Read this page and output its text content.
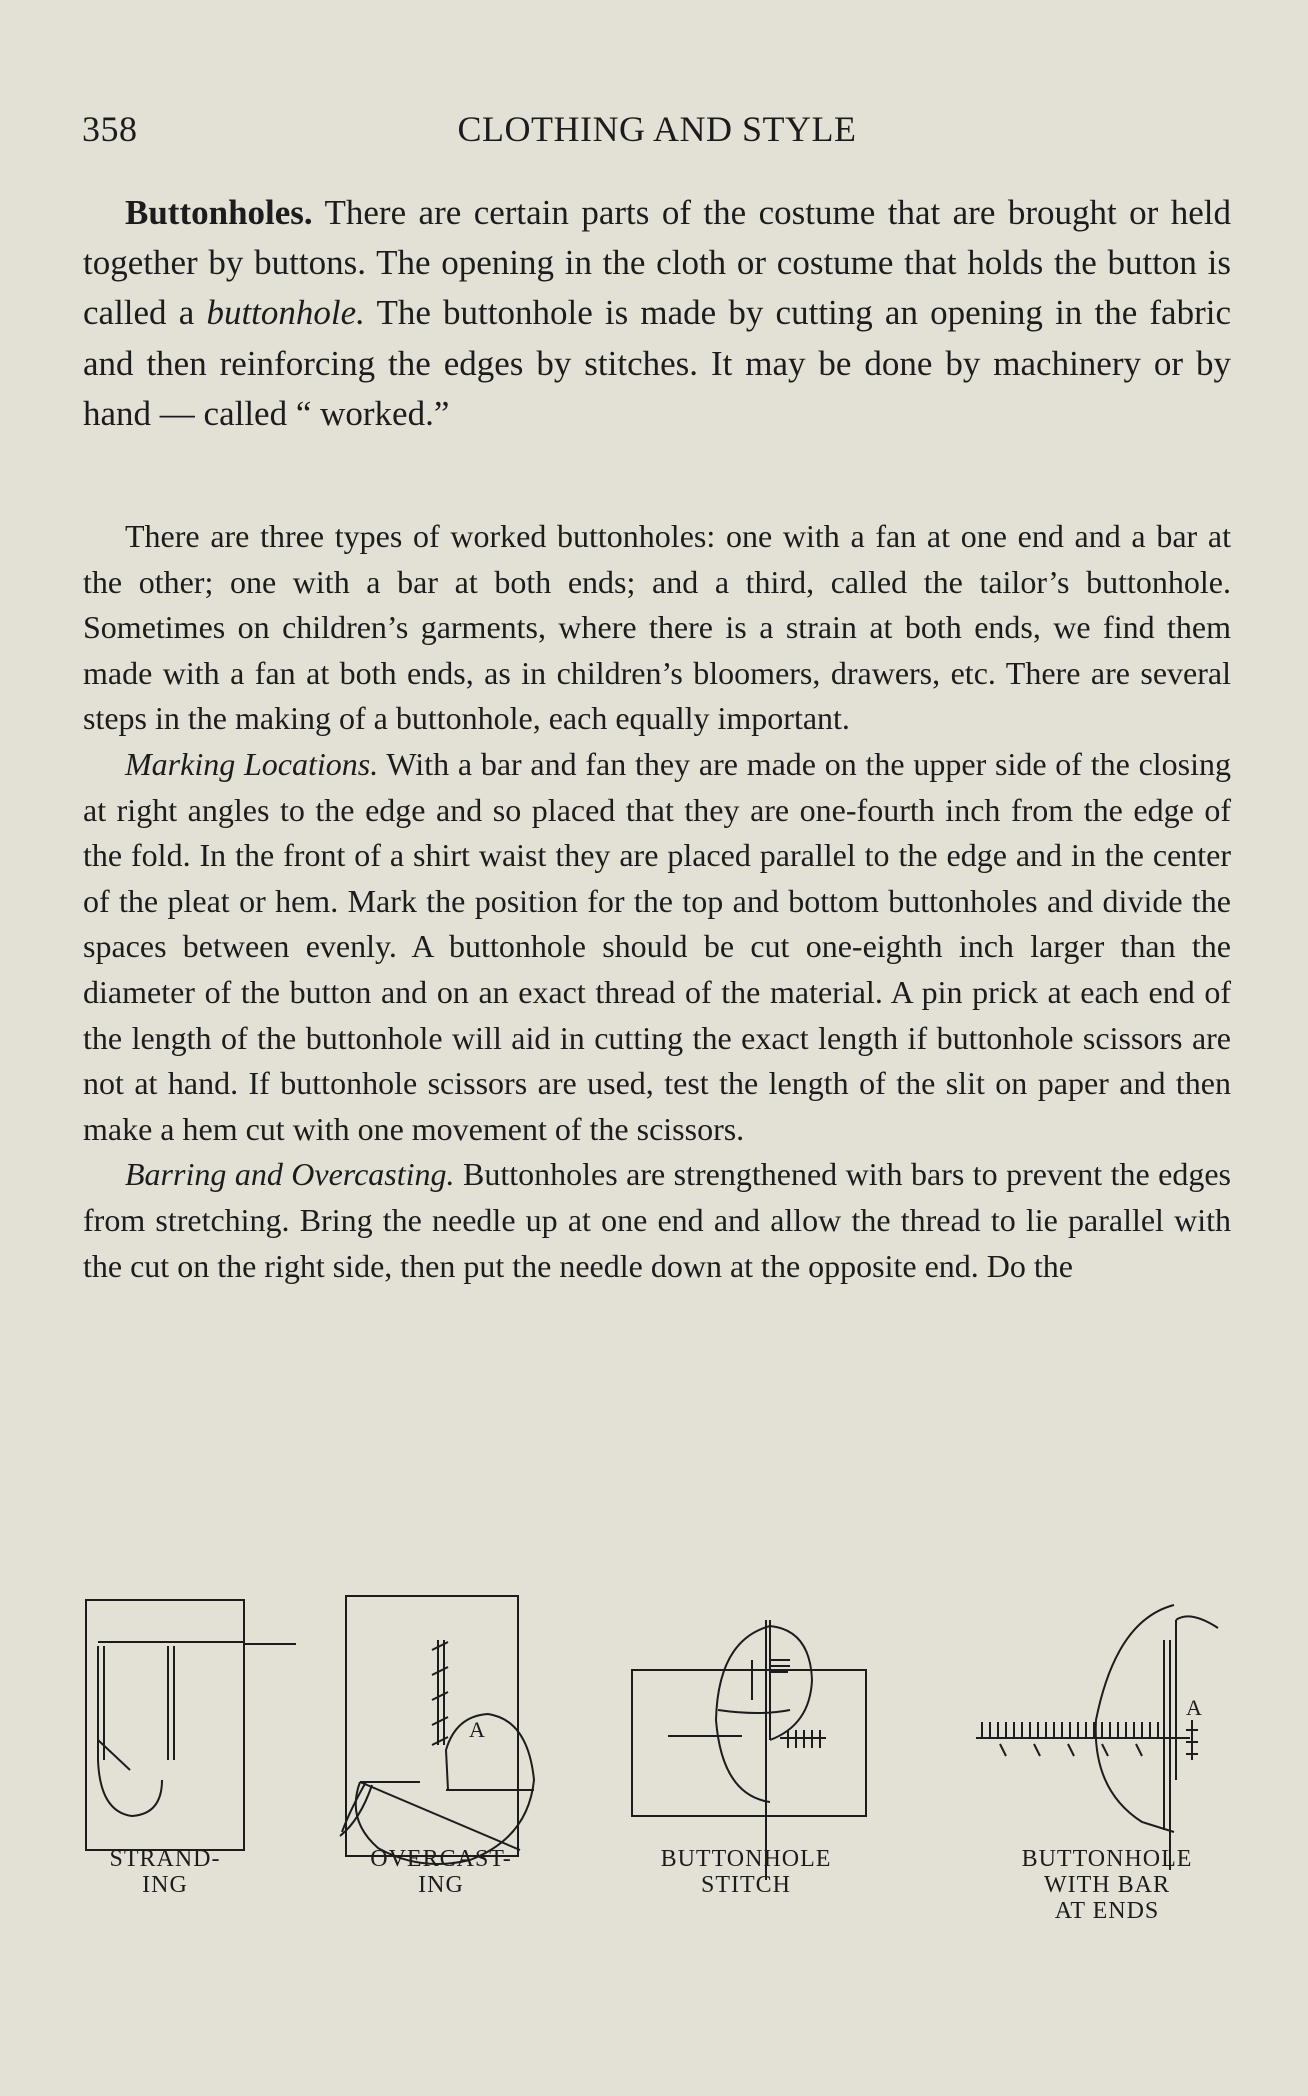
358	CLOTHING AND STYLE
Buttonholes. There are certain parts of the costume that are brought or held together by buttons. The opening in the cloth or costume that holds the button is called a buttonhole. The buttonhole is made by cutting an opening in the fabric and then reinforcing the edges by stitches. It may be done by machinery or by hand — called “ worked.”

There are three types of worked buttonholes: one with a fan at one end and a bar at the other; one with a bar at both ends; and a third, called the tailor’s buttonhole. Sometimes on children’s garments, where there is a strain at both ends, we find them made with a fan at both ends, as in children’s bloomers, drawers, etc. There are several steps in the making of a buttonhole, each equally important.

Marking Locations. With a bar and fan they are made on the upper side of the closing at right angles to the edge and so placed that they are one-fourth inch from the edge of the fold. In the front of a shirt waist they are placed parallel to the edge and in the center of the pleat or hem. Mark the position for the top and bottom buttonholes and divide the spaces between evenly. A buttonhole should be cut one-eighth inch larger than the diameter of the button and on an exact thread of the material. A pin prick at each end of the length of the buttonhole will aid in cutting the exact length if buttonhole scissors are not at hand. If buttonhole scissors are used, test the length of the slit on paper and then make a hem cut with one movement of the scissors.

Barring and Overcasting. Buttonholes are strengthened with bars to prevent the edges from stretching. Bring the needle up at one end and allow the thread to lie parallel with the cut on the right side, then put the needle down at the opposite end. Do the

A
A
STRAND-
ING
OVERCAST-
ING
BUTTONHOLE
STITCH
BUTTONHOLE
WITH BAR
AT ENDS
